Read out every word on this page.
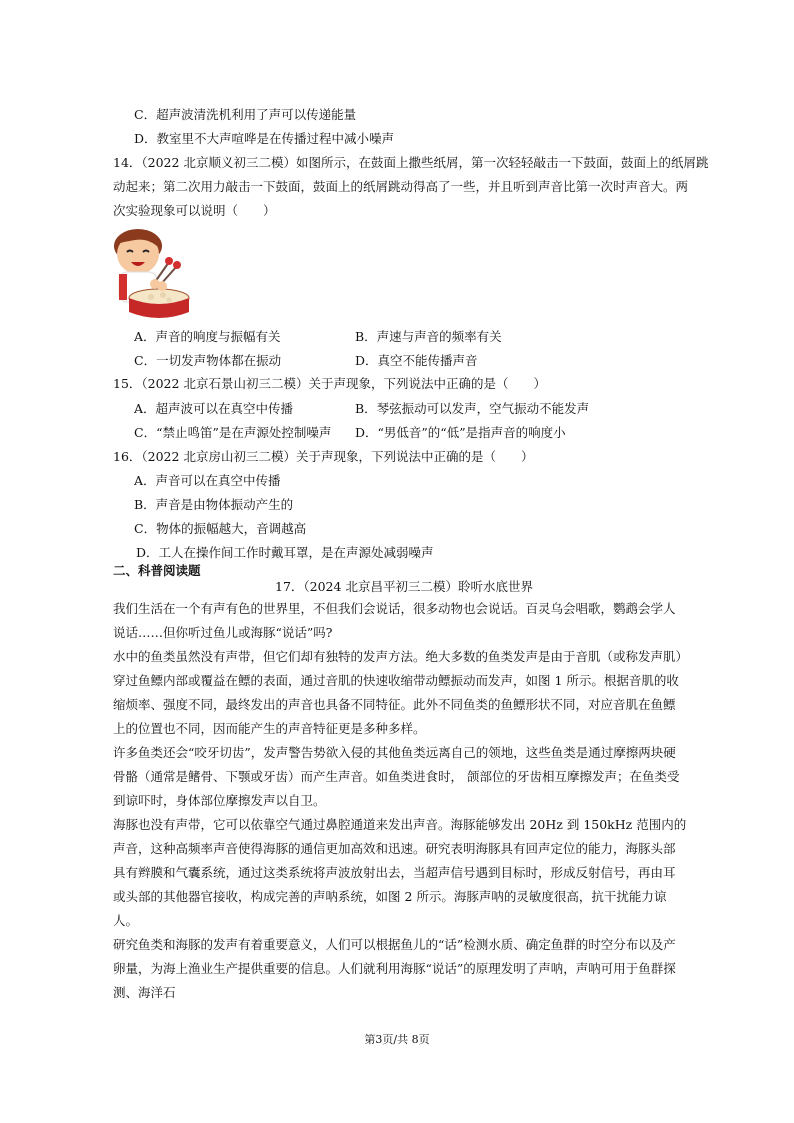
C．超声波清洗机利用了声可以传递能量
D．教室里不大声喧哗是在传播过程中减小噪声
14．（2022 北京顺义初三二模）如图所示，在鼓面上撒些纸屑，第一次轻轻敲击一下鼓面，鼓面上的纸屑跳
动起来；第二次用力敲击一下鼓面，鼓面上的纸屑跳动得高了一些，并且听到声音比第一次时声音大。两
次实验现象可以说明（　　）
A．声音的响度与振幅有关	B．声速与声音的频率有关
C．一切发声物体都在振动	D．真空不能传播声音
15．（2022 北京石景山初三二模）关于声现象，下列说法中正确的是（　　）
A．超声波可以在真空中传播	B．琴弦振动可以发声，空气振动不能发声
C．“禁止鸣笛”是在声源处控制噪声 D．“男低音”的“低”是指声音的响度小
16．（2022 北京房山初三二模）关于声现象，下列说法中正确的是（　　）
A．声音可以在真空中传播
B．声音是由物体振动产生的
C．物体的振幅越大，音调越高
D．工人在操作间工作时戴耳罩，是在声源处减弱噪声
二、科普阅读题
17．（2024 北京昌平初三二模）聆听水底世界

我们生活在一个有声有色的世界里，不但我们会说话，很多动物也会说话。百灵乌会唱歌，鹦鹉会学人说话……但你听过鱼儿或海豚“说话”吗?

水中的鱼类虽然没有声带，但它们却有独特的发声方法。绝大多数的鱼类发声是由于音肌（或称发声肌）穿过鱼鳔内部或覆益在鳔的表面，通过音肌的快速收缩带动鳔振动而发声，如图 1 所示。根据音肌的收缩烦率、强度不同，最终发出的声音也具备不同特征。此外不同鱼类的鱼鳔形状不同，对应音肌在鱼鳔上的位置也不同，因而能产生的声音特征更是多种多样。

许多鱼类还会“咬牙切齿”，发声警告势欲入侵的其他鱼类远离自己的领地，这些鱼类是通过摩擦两块硬骨骼（通常是鳍骨、下颚或牙齿）而产生声音。如鱼类进食时， 颌部位的牙齿相互摩擦发声；在鱼类受到谅吓时，身体部位摩擦发声以自卫。

海豚也没有声带，它可以依靠空气通过鼻腔通道来发出声音。海豚能够发出 20Hz 到 150kHz 范围内的声音，这种高频率声音使得海豚的通信更加高效和迅速。研究表明海豚具有回声定位的能力，海豚头部具有辫膜和气囊系统，通过这类系统将声波放射出去，当超声信号遇到目标时，形成反射信号，再由耳或头部的其他器官接收，构成完善的声呐系统，如图 2 所示。海豚声呐的灵敏度很高，抗干扰能力谅人。

研究鱼类和海豚的发声有着重要意义，人们可以根据鱼儿的“话”检测水质、确定鱼群的时空分布以及产卵量，为海上渔业生产提供重要的信息。人们就利用海豚“说话”的原理发明了声呐，声呐可用于鱼群探测、海洋石

第3页/共 8页
